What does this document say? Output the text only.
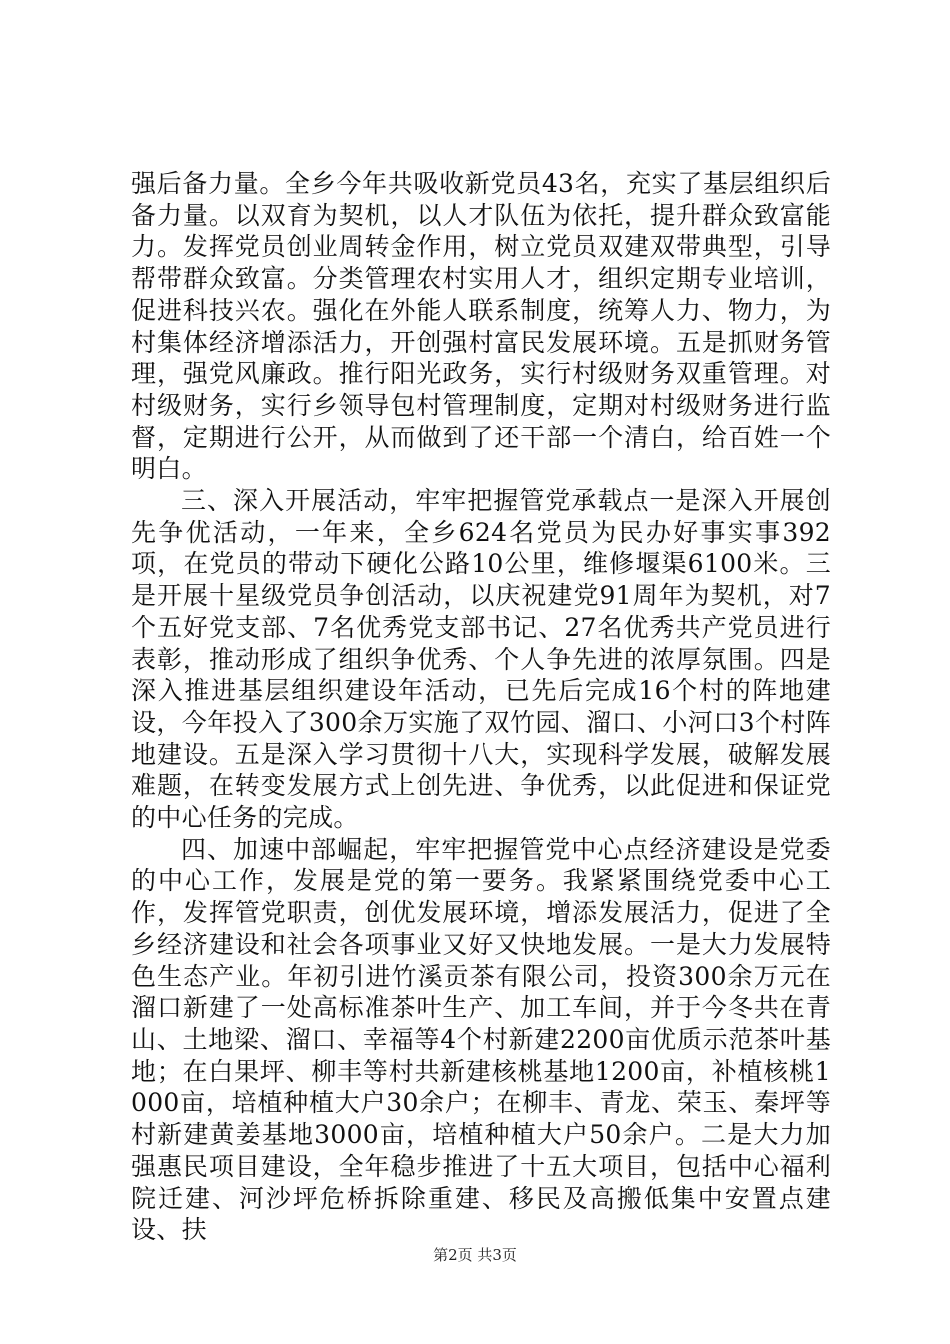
强后备力量。全乡今年共吸收新党员43名，充实了基层组织后备力量。以双育为契机，以人才队伍为依托，提升群众致富能力。发挥党员创业周转金作用，树立党员双建双带典型，引导帮带群众致富。分类管理农村实用人才，组织定期专业培训，促进科技兴农。强化在外能人联系制度，统筹人力、物力，为村集体经济增添活力，开创强村富民发展环境。五是抓财务管理，强党风廉政。推行阳光政务，实行村级财务双重管理。对村级财务，实行乡领导包村管理制度，定期对村级财务进行监督，定期进行公开，从而做到了还干部一个清白，给百姓一个明白。

三、深入开展活动，牢牢把握管党承载点一是深入开展创先争优活动，一年来，全乡624名党员为民办好事实事392项，在党员的带动下硬化公路10公里，维修堰渠6100米。三是开展十星级党员争创活动，以庆祝建党91周年为契机，对7个五好党支部、7名优秀党支部书记、27名优秀共产党员进行表彰，推动形成了组织争优秀、个人争先进的浓厚氛围。四是深入推进基层组织建设年活动，已先后完成16个村的阵地建设，今年投入了300余万实施了双竹园、溜口、小河口3个村阵地建设。五是深入学习贯彻十八大，实现科学发展，破解发展难题，在转变发展方式上创先进、争优秀，以此促进和保证党的中心任务的完成。

四、加速中部崛起，牢牢把握管党中心点经济建设是党委的中心工作，发展是党的第一要务。我紧紧围绕党委中心工作，发挥管党职责，创优发展环境，增添发展活力，促进了全乡经济建设和社会各项事业又好又快地发展。一是大力发展特色生态产业。年初引进竹溪贡茶有限公司，投资300余万元在溜口新建了一处高标准茶叶生产、加工车间，并于今冬共在青山、土地梁、溜口、幸福等4个村新建2200亩优质示范茶叶基地；在白果坪、柳丰等村共新建核桃基地1200亩，补植核桃1000亩，培植种植大户30余户；在柳丰、青龙、荣玉、秦坪等村新建黄姜基地3000亩，培植种植大户50余户。二是大力加强惠民项目建设，全年稳步推进了十五大项目，包括中心福利院迁建、河沙坪危桥拆除重建、移民及高搬低集中安置点建设、扶

第2页 共3页
